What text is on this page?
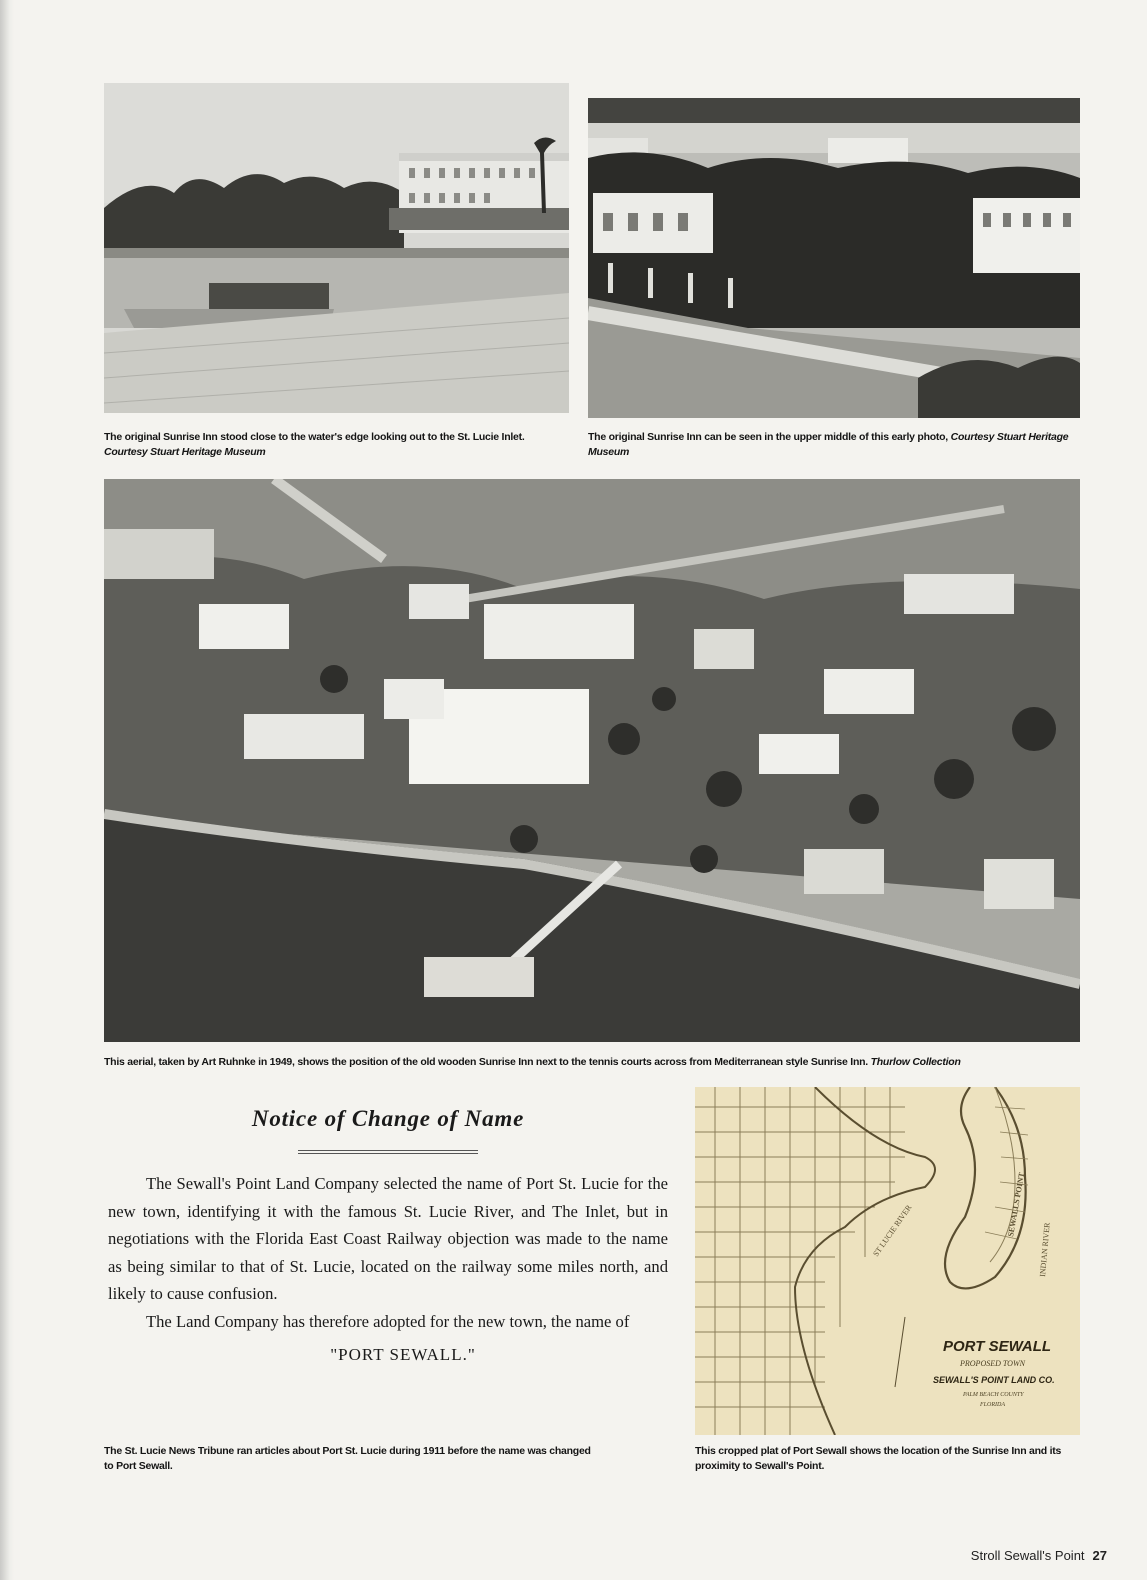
The original Sunrise Inn stood close to the water's edge looking out to the St. Lucie Inlet.
Courtesy Stuart Heritage Museum
The original Sunrise Inn can be seen in the upper middle of this early photo, Courtesy Stuart Heritage Museum
This aerial, taken by Art Ruhnke in 1949, shows the position of the old wooden Sunrise Inn next to the tennis courts across from Mediterranean style Sunrise Inn. Thurlow Collection
Notice of Change of Name

The Sewall's Point Land Company selected the name of Port St. Lucie for the new town, identifying it with the famous St. Lucie River, and The Inlet, but in negotiations with the Florida East Coast Railway objection was made to the name as being similar to that of St. Lucie, located on the railway some miles north, and likely to cause confusion.

The Land Company has therefore adopted for the new town, the name of

"PORT SEWALL."
The St. Lucie News Tribune ran articles about Port St. Lucie during 1911 before the name was changed to Port Sewall.
ST LUCIE RIVER	INDIAN RIVER
SEWALLS POINT
PORT SEWALL
PROPOSED TOWN
SEWALL'S POINT LAND CO.
PALM BEACH COUNTY
FLORIDA
This cropped plat of Port Sewall shows the location of the Sunrise Inn and its proximity to Sewall's Point.
Stroll Sewall's Point 27
